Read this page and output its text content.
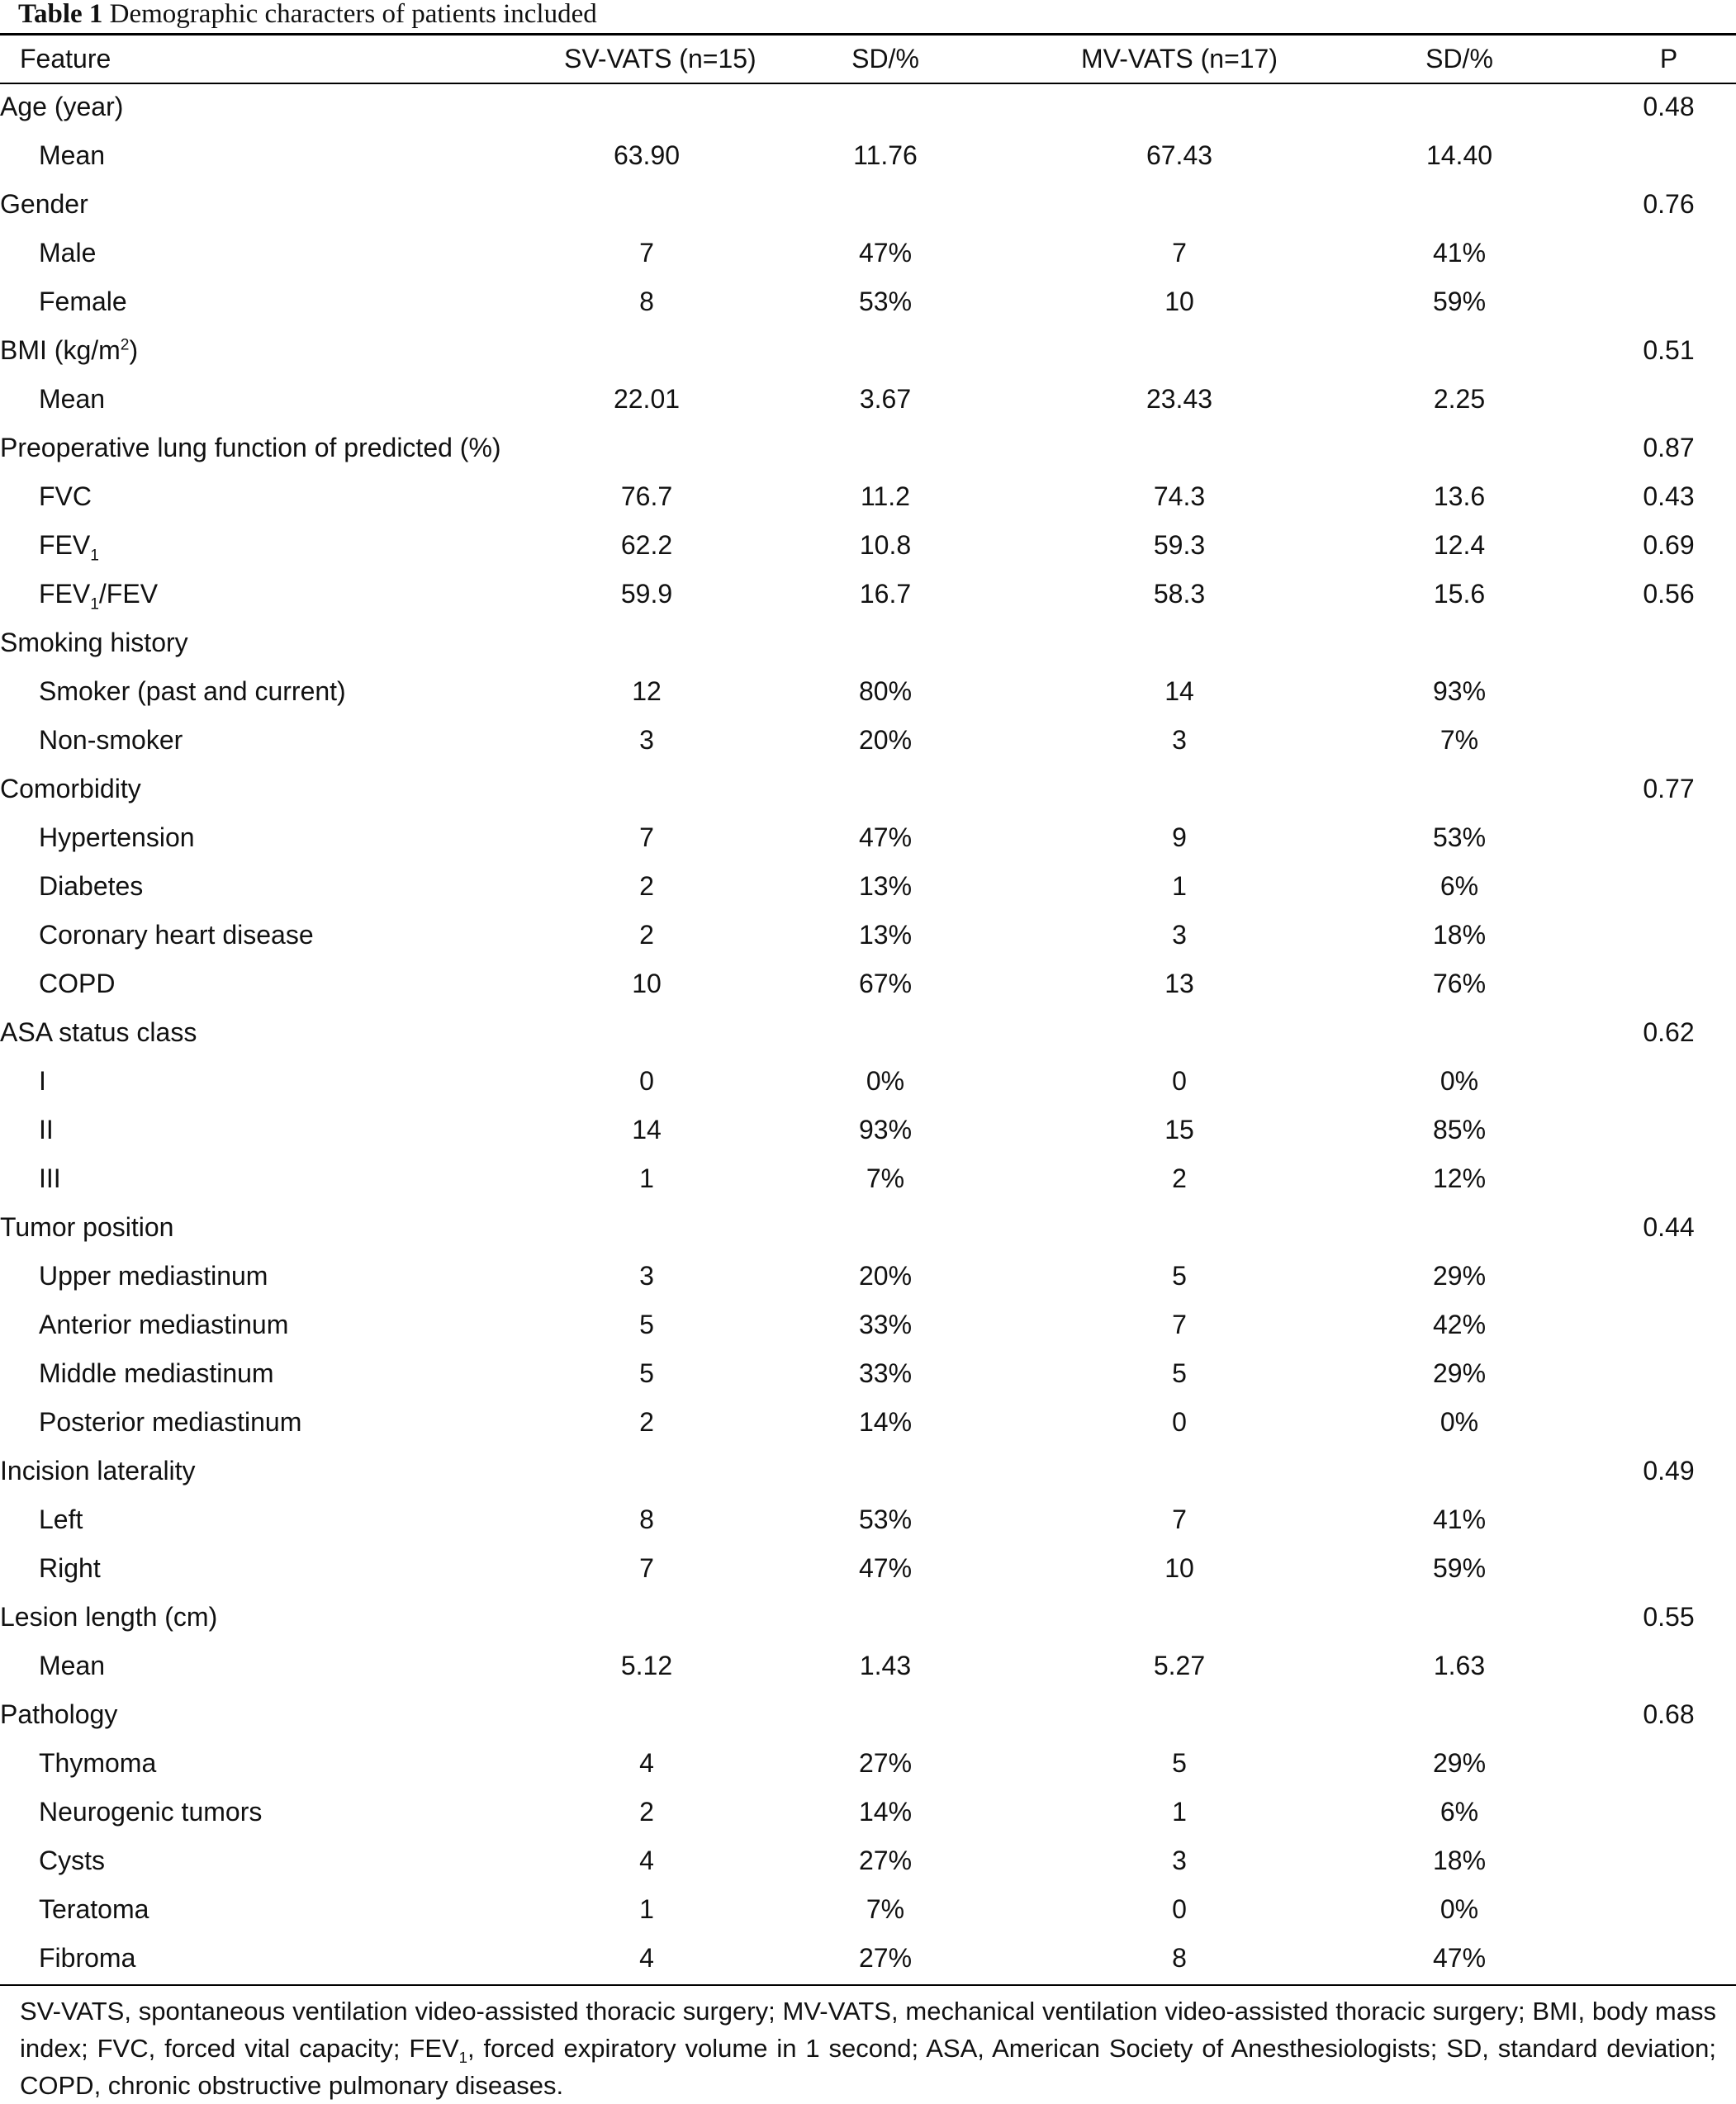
Table 1 Demographic characters of patients included
Feature	SV-VATS (n=15)	SD/%	MV-VATS (n=17)	SD/%	P
Age (year)					0.48
Mean	63.90	11.76	67.43	14.40	
Gender					0.76
Male	7	47%	7	41%	
Female	8	53%	10	59%	
BMI $(kg/m^2)$					0.51
Mean	22.01	3.67	23.43	2.25	
Preoperative lung function of predicted (%)					0.87
FVC	76.7	11.2	74.3	13.6	0.43
$FEV_1$	62.2	10.8	59.3	12.4	0.69
$FEV_1$/FEV	59.9	16.7	58.3	15.6	0.56
Smoking history					
Smoker (past and current)	12	80%	14	93%	
Non-smoker	3	20%	3	7%	
Comorbidity					0.77
Hypertension	7	47%	9	53%	
Diabetes	2	13%	1	6%	
Coronary heart disease	2	13%	3	18%	
COPD	10	67%	13	76%	
ASA status class					0.62
I	0	0%	0	0%	
II	14	93%	15	85%	
III	1	7%	2	12%	
Tumor position					0.44
Upper mediastinum	3	20%	5	29%	
Anterior mediastinum	5	33%	7	42%	
Middle mediastinum	5	33%	5	29%	
Posterior mediastinum	2	14%	0	0%	
Incision laterality					0.49
Left	8	53%	7	41%	
Right	7	47%	10	59%	
Lesion length (cm)					0.55
Mean	5.12	1.43	5.27	1.63	
Pathology					0.68
Thymoma	4	27%	5	29%	
Neurogenic tumors	2	14%	1	6%	
Cysts	4	27%	3	18%	
Teratoma	1	7%	0	0%	
Fibroma	4	27%	8	47%	
SV-VATS, spontaneous ventilation video-assisted thoracic surgery; MV-VATS, mechanical ventilation video-assisted thoracic surgery; BMI, body mass index; FVC, forced vital capacity; $FEV_1$, forced expiratory volume in 1 second; ASA, American Society of Anesthesiologists; SD, standard deviation; COPD, chronic obstructive pulmonary diseases.
